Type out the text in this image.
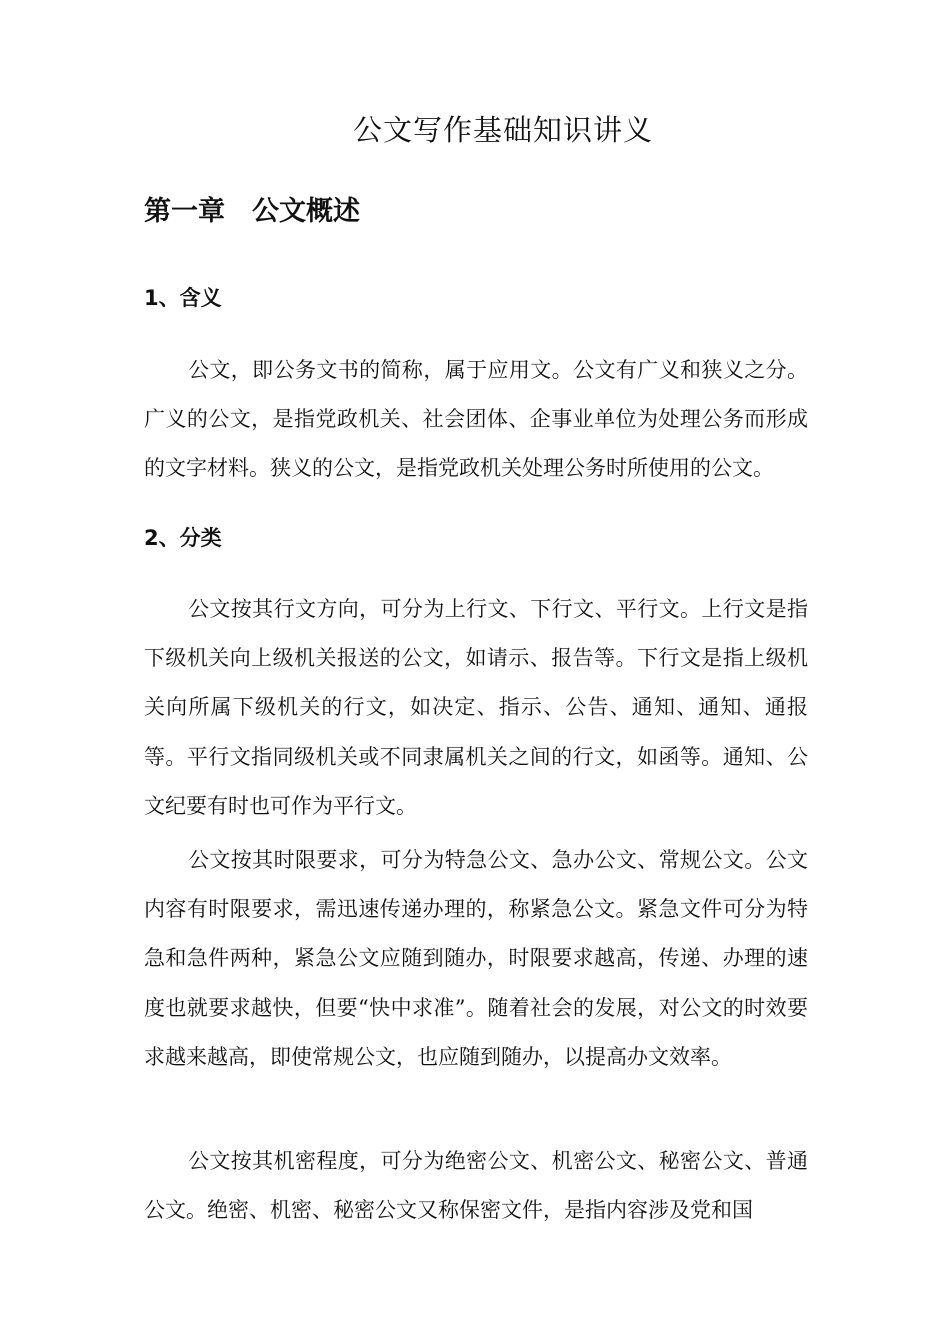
公文写作基础知识讲义
第一章　公文概述
1、含义

公文，即公务文书的简称，属于应用文。公文有广义和狭义之分。广义的公文，是指党政机关、社会团体、企事业单位为处理公务而形成的文字材料。狭义的公文，是指党政机关处理公务时所使用的公文。

2、分类

公文按其行文方向，可分为上行文、下行文、平行文。上行文是指下级机关向上级机关报送的公文，如请示、报告等。下行文是指上级机关向所属下级机关的行文，如决定、指示、公告、通知、通知、通报等。平行文指同级机关或不同隶属机关之间的行文，如函等。通知、公文纪要有时也可作为平行文。

公文按其时限要求，可分为特急公文、急办公文、常规公文。公文内容有时限要求，需迅速传递办理的，称紧急公文。紧急文件可分为特急和急件两种，紧急公文应随到随办，时限要求越高，传递、办理的速度也就要求越快，但要“快中求准”。随着社会的发展，对公文的时效要求越来越高，即使常规公文，也应随到随办，以提高办文效率。

公文按其机密程度，可分为绝密公文、机密公文、秘密公文、普通公文。绝密、机密、秘密公文又称保密文件，是指内容涉及党和国
